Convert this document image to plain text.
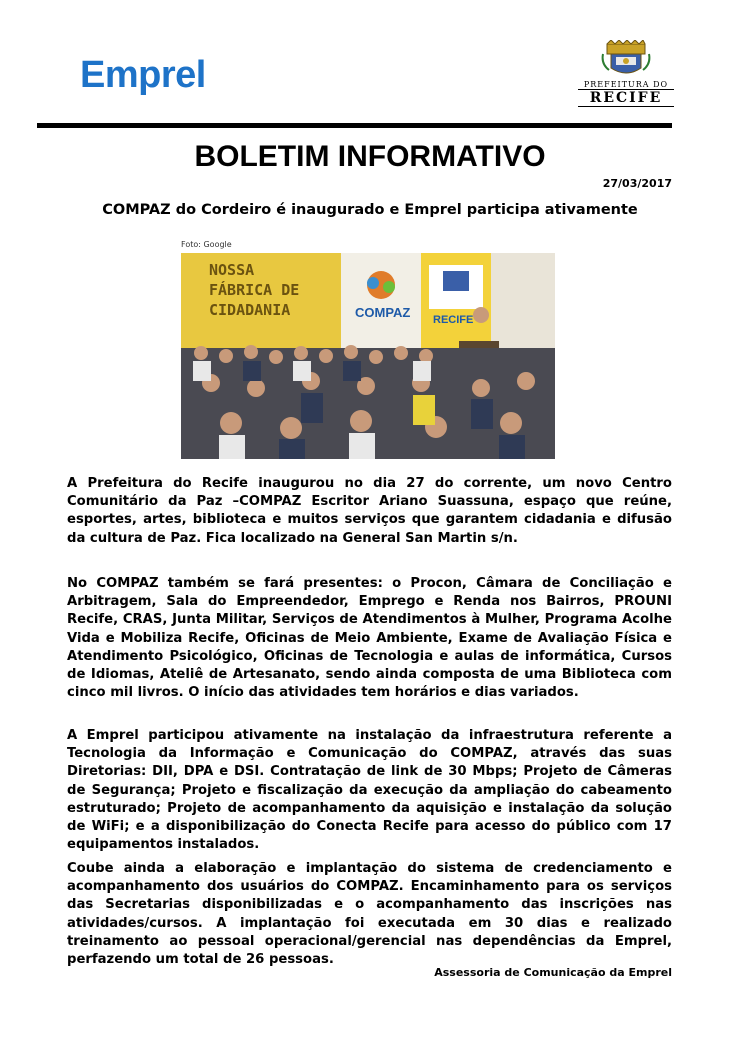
Emprel	PREFEITURA DO
RECIFE
BOLETIM INFORMATIVO
27/03/2017
COMPAZ do Cordeiro é inaugurado e Emprel participa ativamente
Foto: Google
NOSSA
FÁBRICA DE
CIDADANIA	COMPAZ RECIFE
A Prefeitura do Recife inaugurou no dia 27 do corrente, um novo Centro Comunitário da Paz –COMPAZ Escritor Ariano Suassuna, espaço que reúne, esportes, artes, biblioteca e muitos serviços que garantem cidadania e difusão da cultura de Paz. Fica localizado na General San Martin s/n.
No COMPAZ também se fará presentes: o Procon, Câmara de Conciliação e Arbitragem, Sala do Empreendedor, Emprego e Renda nos Bairros, PROUNI Recife, CRAS, Junta Militar, Serviços de Atendimentos à Mulher, Programa Acolhe Vida e Mobiliza Recife, Oficinas de Meio Ambiente, Exame de Avaliação Física e Atendimento Psicológico, Oficinas de Tecnologia e aulas de informática, Cursos de Idiomas, Ateliê de Artesanato, sendo ainda composta de uma Biblioteca com cinco mil livros. O início das atividades tem horários e dias variados.
A Emprel participou ativamente na instalação da infraestrutura referente a Tecnologia da Informação e Comunicação do COMPAZ, através das suas Diretorias: DII, DPA e DSI. Contratação de link de 30 Mbps; Projeto de Câmeras de Segurança; Projeto e fiscalização da execução da ampliação do cabeamento estruturado; Projeto de acompanhamento da aquisição e instalação da solução de WiFi; e a disponibilização do Conecta Recife para acesso do público com 17 equipamentos instalados.
Coube ainda a elaboração e implantação do sistema de credenciamento e acompanhamento dos usuários do COMPAZ. Encaminhamento para os serviços das Secretarias disponibilizadas e o acompanhamento das inscrições nas atividades/cursos. A implantação foi executada em 30 dias e realizado treinamento ao pessoal operacional/gerencial nas dependências da Emprel, perfazendo um total de 26 pessoas.
Assessoria de Comunicação da Emprel
